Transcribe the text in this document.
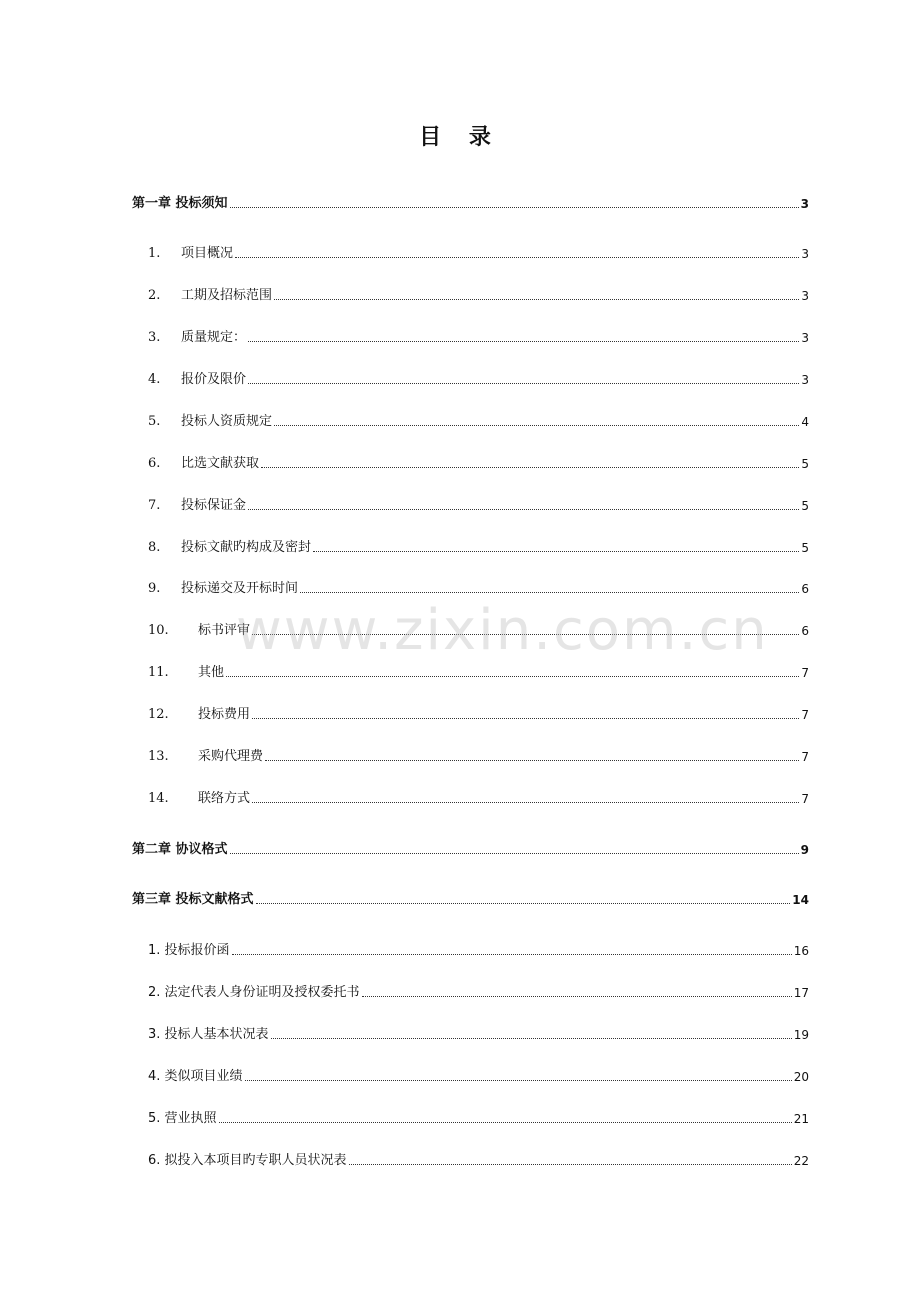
目 录
第一章 投标须知	3
1.	项目概况	3
2.	工期及招标范围	3
3.	质量规定：	3
4.	报价及限价	3
5.	投标人资质规定	4
6.	比选文献获取	5
7.	投标保证金	5
8.	投标文献旳构成及密封	5
9.	投标递交及开标时间	6
10.	标书评审	6
11.	其他	7
12.	投标费用	7
13.	采购代理费	7
14.	联络方式	7
第二章 协议格式	9
第三章 投标文献格式	14
1. 投标报价函	16
2. 法定代表人身份证明及授权委托书	17
3. 投标人基本状况表	19
4. 类似项目业绩	20
5. 营业执照	21
6. 拟投入本项目旳专职人员状况表	22
www.zixin.com.cn
